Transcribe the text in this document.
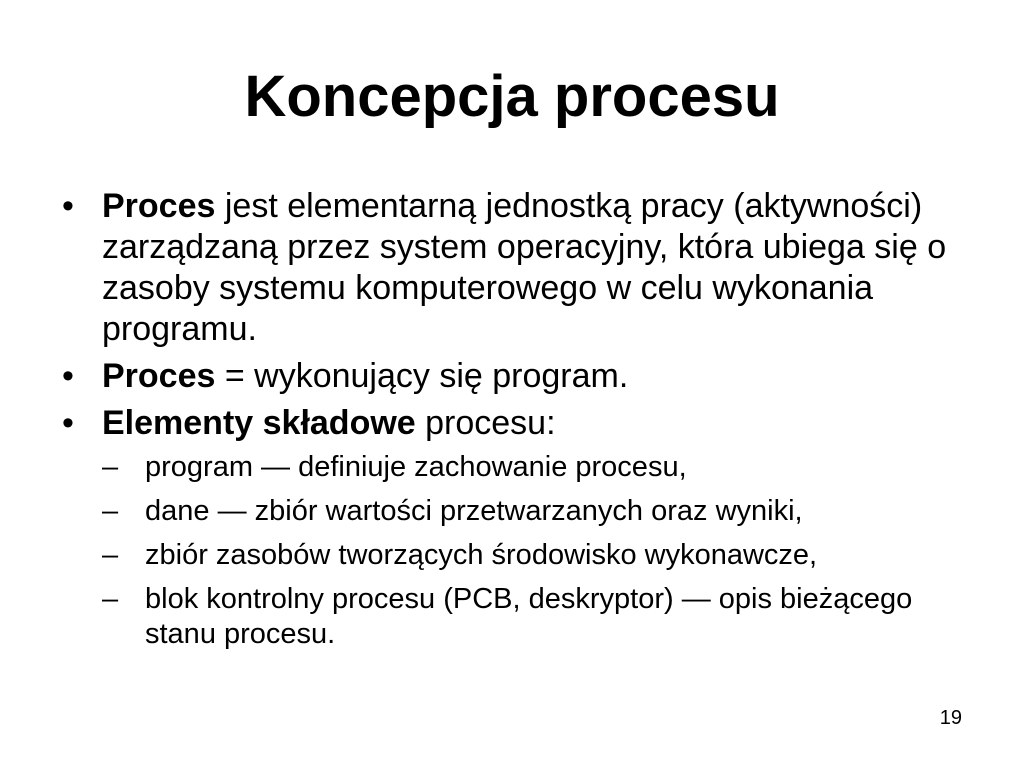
Koncepcja procesu
• Proces jest elementarną jednostką pracy (aktywności) zarządzaną przez system operacyjny, która ubiega się o zasoby systemu komputerowego w celu wykonania programu.
• Proces = wykonujący się program.
• Elementy składowe procesu:
– program — definiuje zachowanie procesu,
– dane — zbiór wartości przetwarzanych oraz wyniki,
– zbiór zasobów tworzących środowisko wykonawcze,
– blok kontrolny procesu (PCB, deskryptor) — opis bieżącego stanu procesu.
19
